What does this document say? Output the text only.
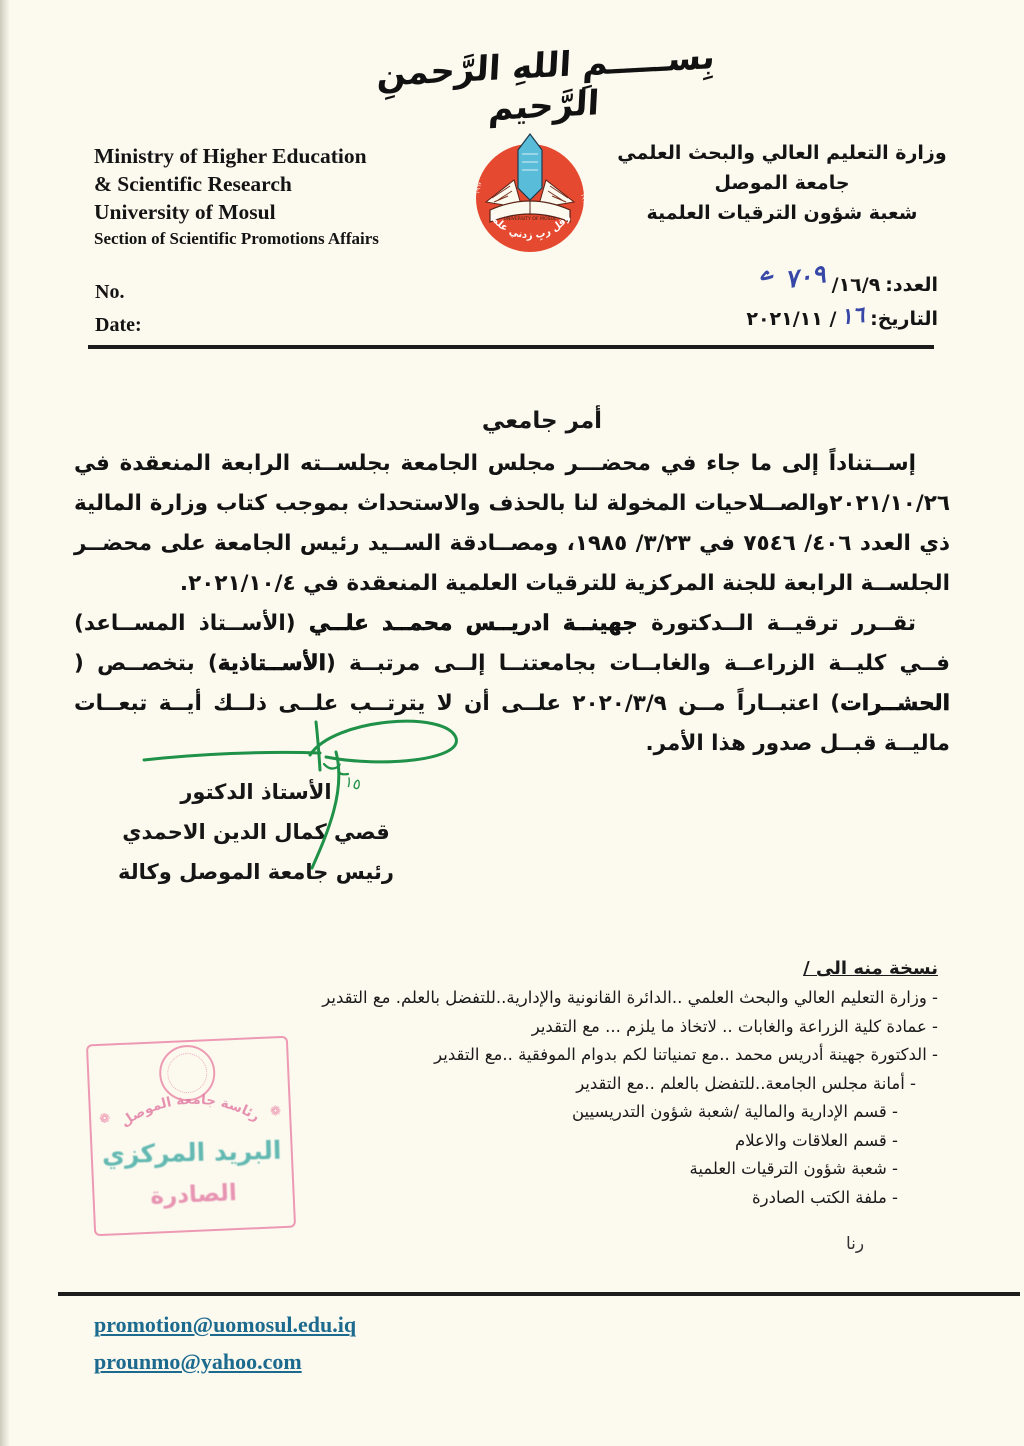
بِســـــمِ اللهِ الرَّحمنِ الرَّحيم
Ministry of Higher Education
& Scientific Research
University of Mosul
Section of Scientific Promotions Affairs
UNIVERSITY OF MOSUL
وقل ربِ زدني علما
١٩٦٧
١٩٦٧
وزارة التعليم العالي والبحث العلمي
جامعة الموصل
شعبة شؤون الترقيات العلمية
No.
Date:
العدد:
/١٦/٩
٧٠٩
ے
التاريخ:
١٦
٢٠٢١/١١ /
أمر جامعي

إســتناداً إلى ما جاء في محضـــر مجلس الجامعة بجلســته الرابعة المنعقدة في ٢٠٢١/١٠/٢٦والصــلاحيات المخولة لنا بالحذف والاستحداث بموجب كتاب وزارة المالية ذي العدد ٤٠٦/ ٧٥٤٦ في ٣/٢٣/ ١٩٨٥، ومصــادقة الســيد رئيس الجامعة على محضــر الجلســة الرابعة للجنة المركزية للترقيات العلمية المنعقدة في ٢٠٢١/١٠/٤.

تقــرر ترقيــة الــدكتورة جهينــة ادريــس محمــد علــي (الأســتاذ المســاعد) فــي كليــة الزراعــة والغابــات بجامعتنــا إلــى مرتبــة (الأســتاذية) بتخصــص ( الحشــرات) اعتبــاراً مــن ٢٠٢٠/٣/٩ علــى أن لا يترتــب علــى ذلــك أيــة تبعــات ماليــة قبــل صدور هذا الأمر.

١٥
الأستاذ الدكتور
قصي كمال الدين الاحمدي
رئيس جامعة الموصل وكالة
نسخة منه الى /
- وزارة التعليم العالي والبحث العلمي ..الدائرة القانونية والإدارية..للتفضل بالعلم. مع التقدير
- عمادة كلية الزراعة والغابات .. لاتخاذ ما يلزم ... مع التقدير
- الدكتورة جهينة أدريس محمد ..مع تمنياتنا لكم بدوام الموفقية ..مع التقدير
- أمانة مجلس الجامعة..للتفضل بالعلم ..مع التقدير
- قسم الإدارية والمالية /شعبة شؤون التدريسيين
- قسم العلاقات والاعلام
- شعبة شؤون الترقيات العلمية
- ملفة الكتب الصادرة
رئاسة جامعة الموصل
❁	❁
البريد المركزي
الصادرة
رنا
promotion@uomosul.edu.iq
prounmo@yahoo.com
